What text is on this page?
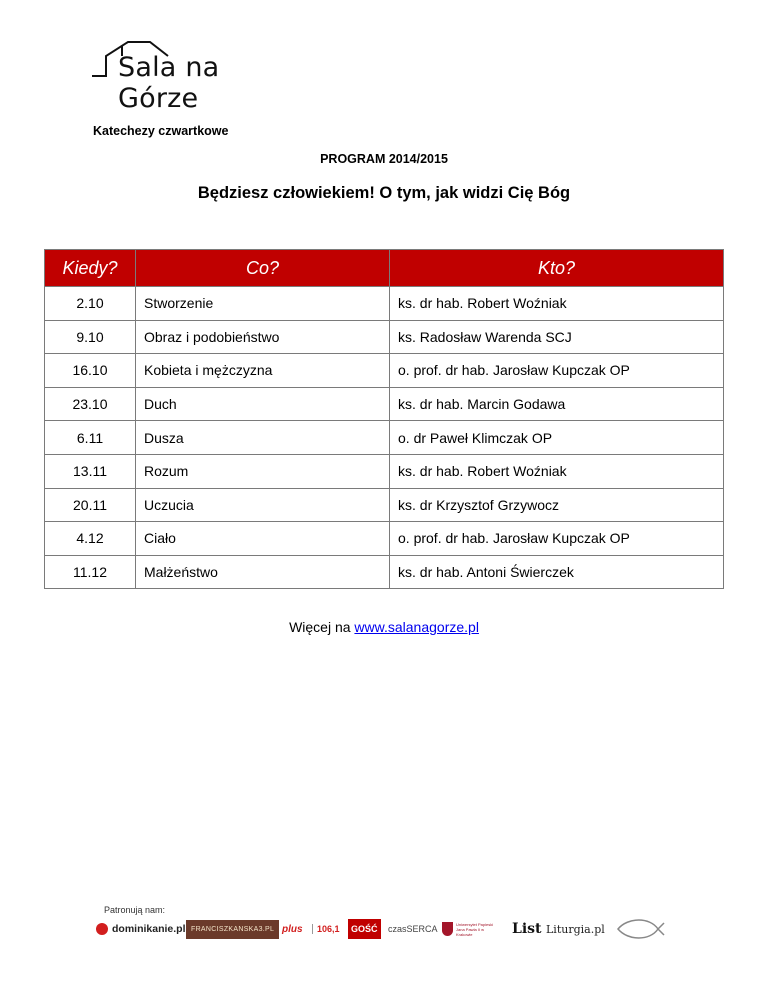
Sala na Górze
Katechezy czwartkowe
PROGRAM 2014/2015
Będziesz człowiekiem! O tym, jak widzi Cię Bóg
Kiedy?	Co?	Kto?
2.10	Stworzenie	ks. dr hab. Robert Woźniak
9.10	Obraz i podobieństwo	ks. Radosław Warenda SCJ
16.10	Kobieta i mężczyzna	o. prof. dr hab. Jarosław Kupczak OP
23.10	Duch	ks. dr hab. Marcin Godawa
6.11	Dusza	o. dr Paweł Klimczak OP
13.11	Rozum	ks. dr hab. Robert Woźniak
20.11	Uczucia	ks. dr Krzysztof Grzywocz
4.12	Ciało	o. prof. dr hab. Jarosław Kupczak OP
11.12	Małżeństwo	ks. dr hab. Antoni Świerczek
Więcej na www.salanagorze.pl
Patronują nam:
dominikanie.pl FRANCISZKANSKA3.PL plus	106,1	GOŚĆ	czasSERCA	Uniwersytet Papieski Jana Pawła II w Krakowie	List Liturgia.pl
